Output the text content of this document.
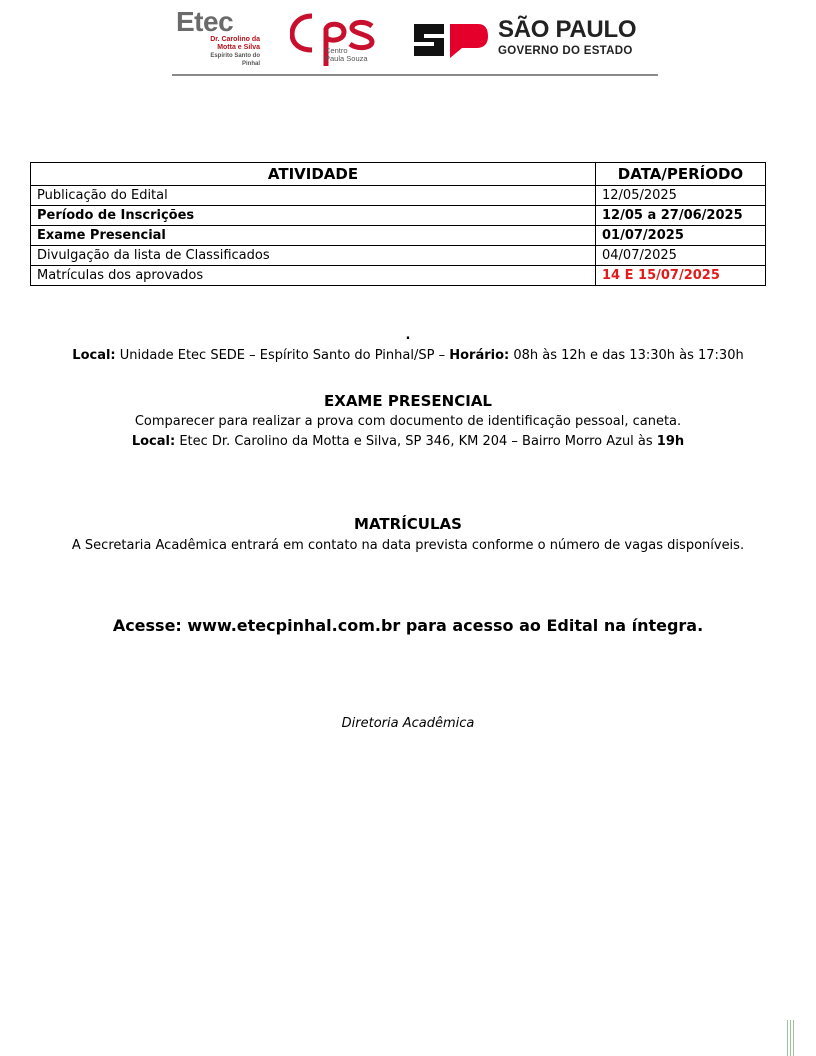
Etec
Dr. Carolino da
Motta e Silva
Espírito Santo do
Pinhal
Centro
Paula Souza
SÃO PAULO
GOVERNO DO ESTADO
ATIVIDADE	DATA/PERÍODO
Publicação do Edital	12/05/2025
Período de Inscrições	12/05 a 27/06/2025
Exame Presencial	01/07/2025
Divulgação da lista de Classificados	04/07/2025
Matrículas dos aprovados	14 E 15/07/2025
.
Local: Unidade Etec SEDE – Espírito Santo do Pinhal/SP – Horário: 08h às 12h e das 13:30h às 17:30h
EXAME PRESENCIAL
Comparecer para realizar a prova com documento de identificação pessoal, caneta.
Local: Etec Dr. Carolino da Motta e Silva, SP 346, KM 204 – Bairro Morro Azul às 19h
MATRÍCULAS
A Secretaria Acadêmica entrará em contato na data prevista conforme o número de vagas disponíveis.
Acesse: www.etecpinhal.com.br para acesso ao Edital na íntegra.
Diretoria Acadêmica
